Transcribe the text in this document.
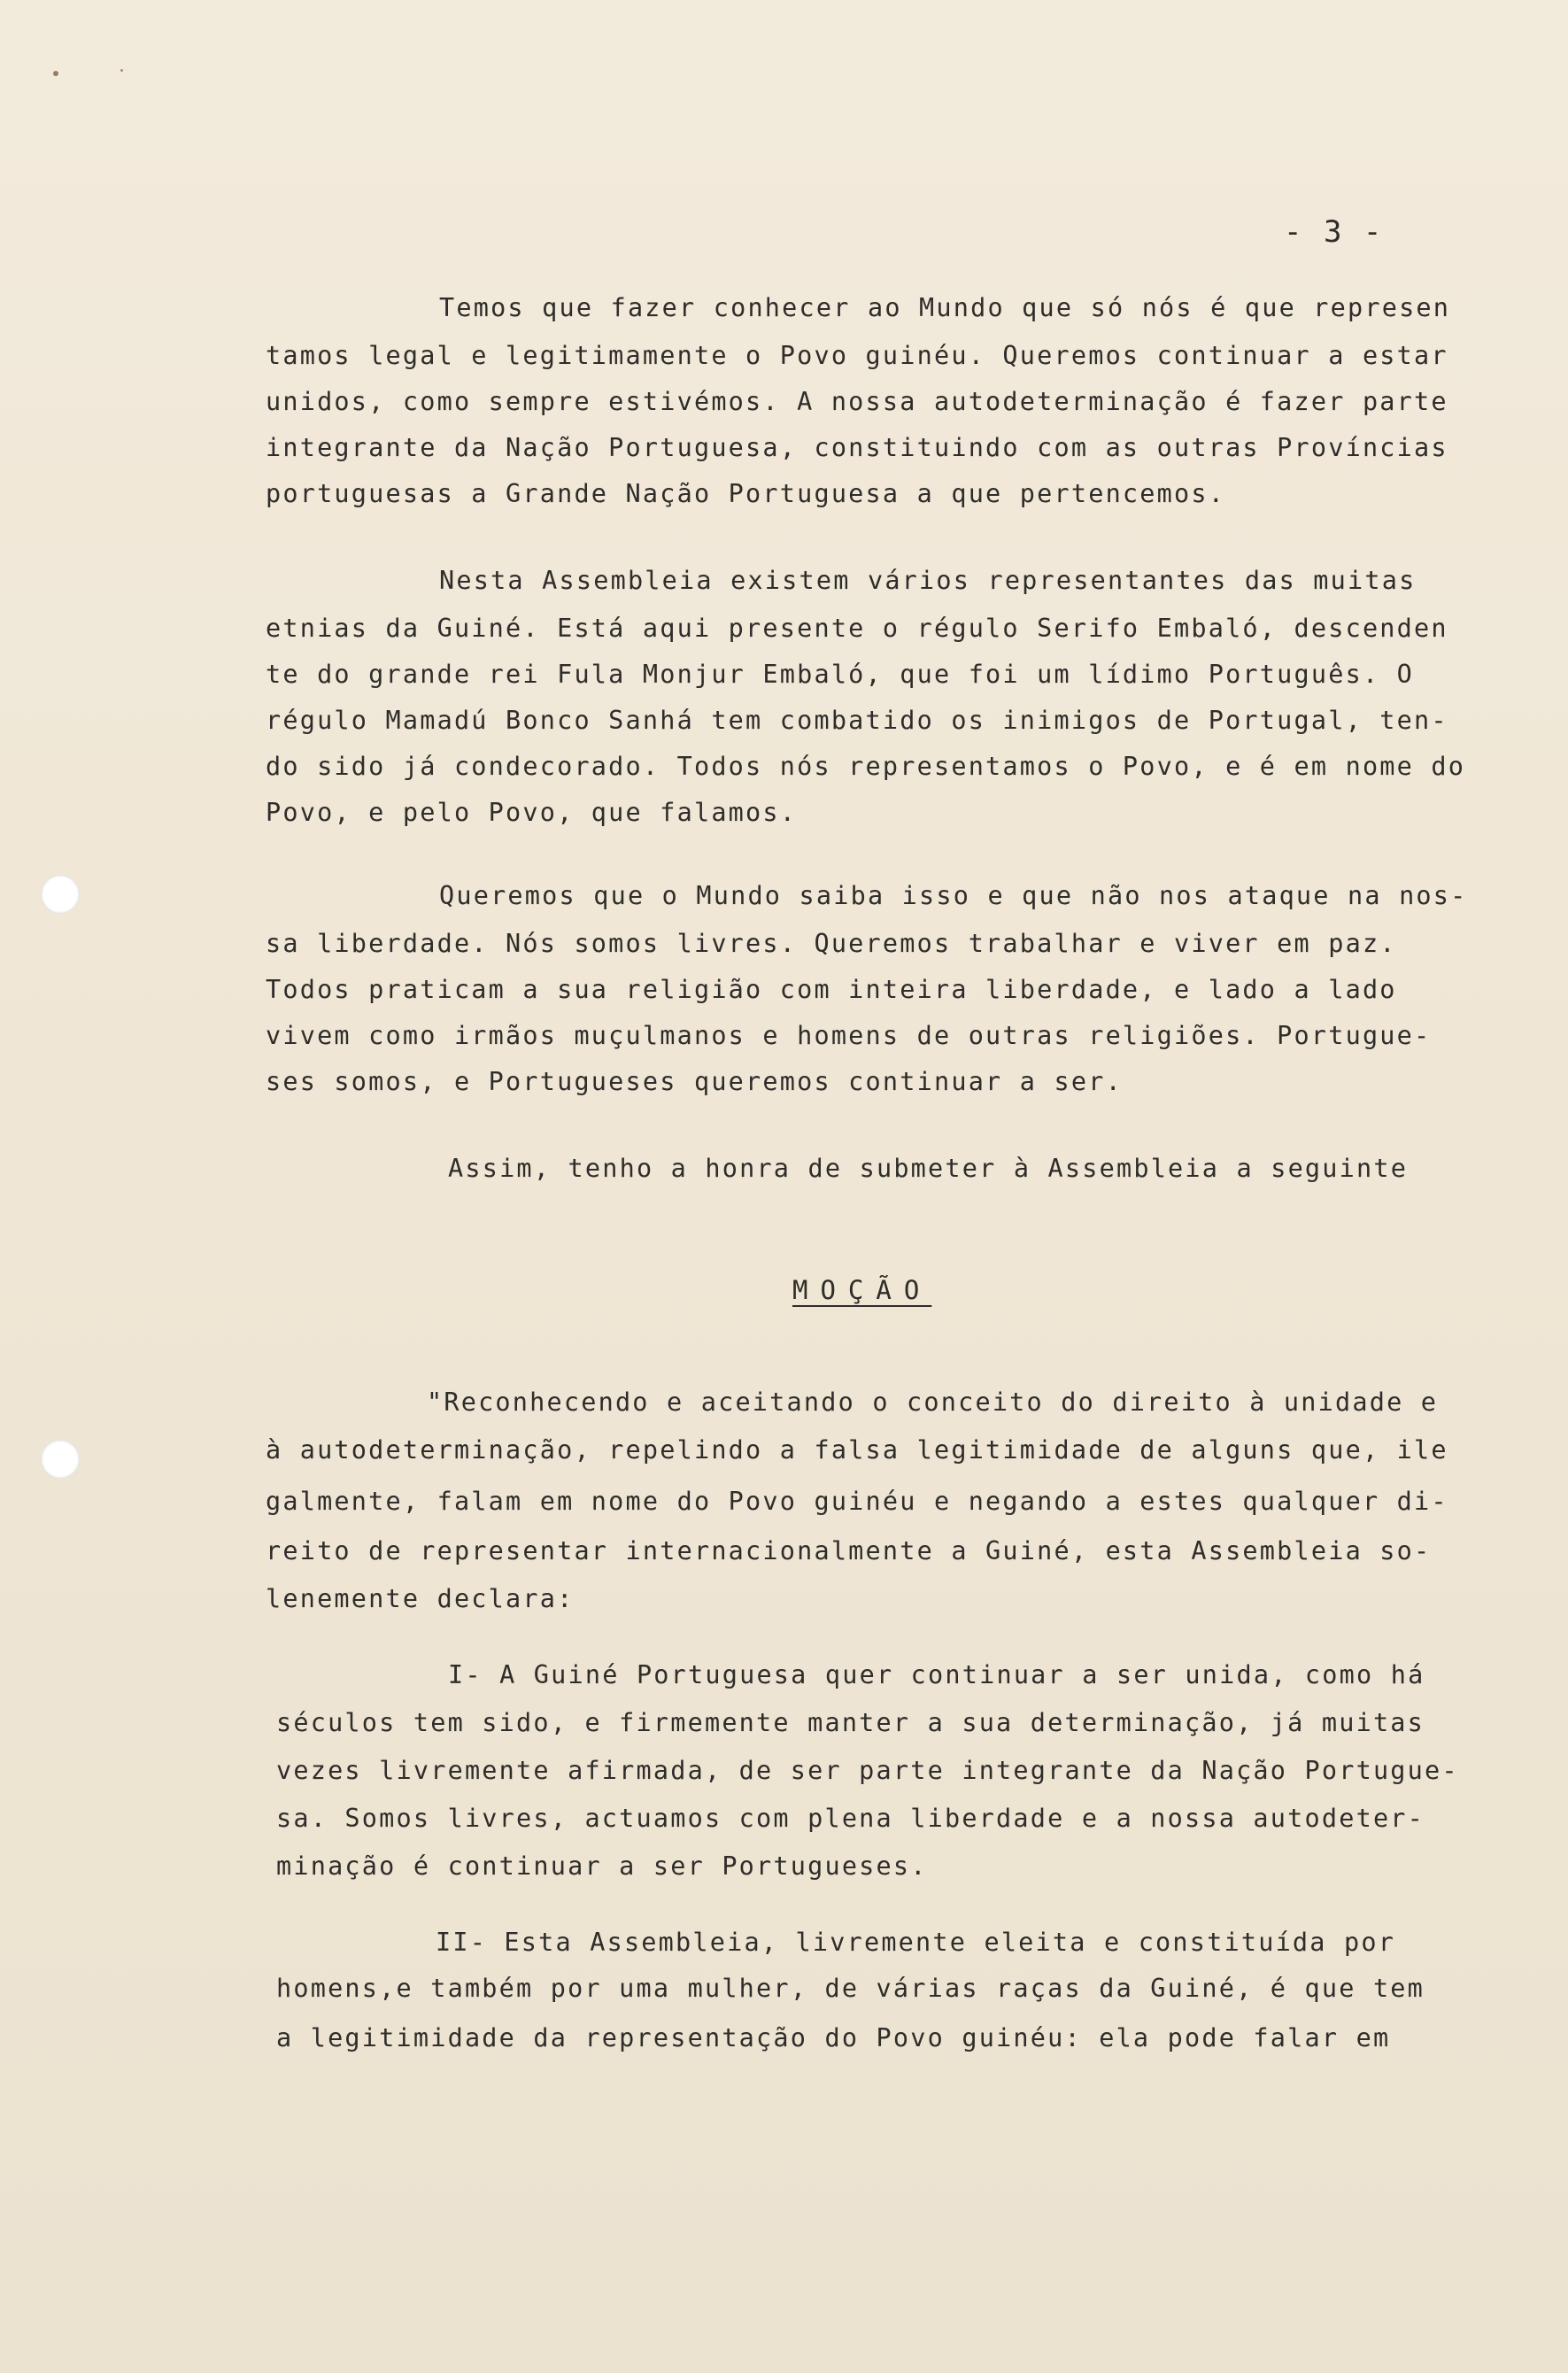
- 3 -
Temos que fazer conhecer ao Mundo que só nós é que represen
tamos legal e legitimamente o Povo guinéu. Queremos continuar a estar
unidos, como sempre estivémos. A nossa autodeterminação é fazer parte
integrante da Nação Portuguesa, constituindo com as outras Províncias
portuguesas a Grande Nação Portuguesa a que pertencemos.
Nesta Assembleia existem vários representantes das muitas
etnias da Guiné. Está aqui presente o régulo Serifo Embaló, descenden
te do grande rei Fula Monjur Embaló, que foi um lídimo Português. O
régulo Mamadú Bonco Sanhá tem combatido os inimigos de Portugal, ten-
do sido já condecorado. Todos nós representamos o Povo, e é em nome do
Povo, e pelo Povo, que falamos.
Queremos que o Mundo saiba isso e que não nos ataque na nos-
sa liberdade. Nós somos livres. Queremos trabalhar e viver em paz.
Todos praticam a sua religião com inteira liberdade, e lado a lado
vivem como irmãos muçulmanos e homens de outras religiões. Portugue-
ses somos, e Portugueses queremos continuar a ser.
Assim, tenho a honra de submeter à Assembleia a seguinte
MOÇÃO
"Reconhecendo e aceitando o conceito do direito à unidade e
à autodeterminação, repelindo a falsa legitimidade de alguns que, ile
galmente, falam em nome do Povo guinéu e negando a estes qualquer di-
reito de representar internacionalmente a Guiné, esta Assembleia so-
lenemente declara:
I- A Guiné Portuguesa quer continuar a ser unida, como há
séculos tem sido, e firmemente manter a sua determinação, já muitas
vezes livremente afirmada, de ser parte integrante da Nação Portugue-
sa. Somos livres, actuamos com plena liberdade e a nossa autodeter-
minação é continuar a ser Portugueses.
II- Esta Assembleia, livremente eleita e constituída por
homens,e também por uma mulher, de várias raças da Guiné, é que tem
a legitimidade da representação do Povo guinéu: ela pode falar em
